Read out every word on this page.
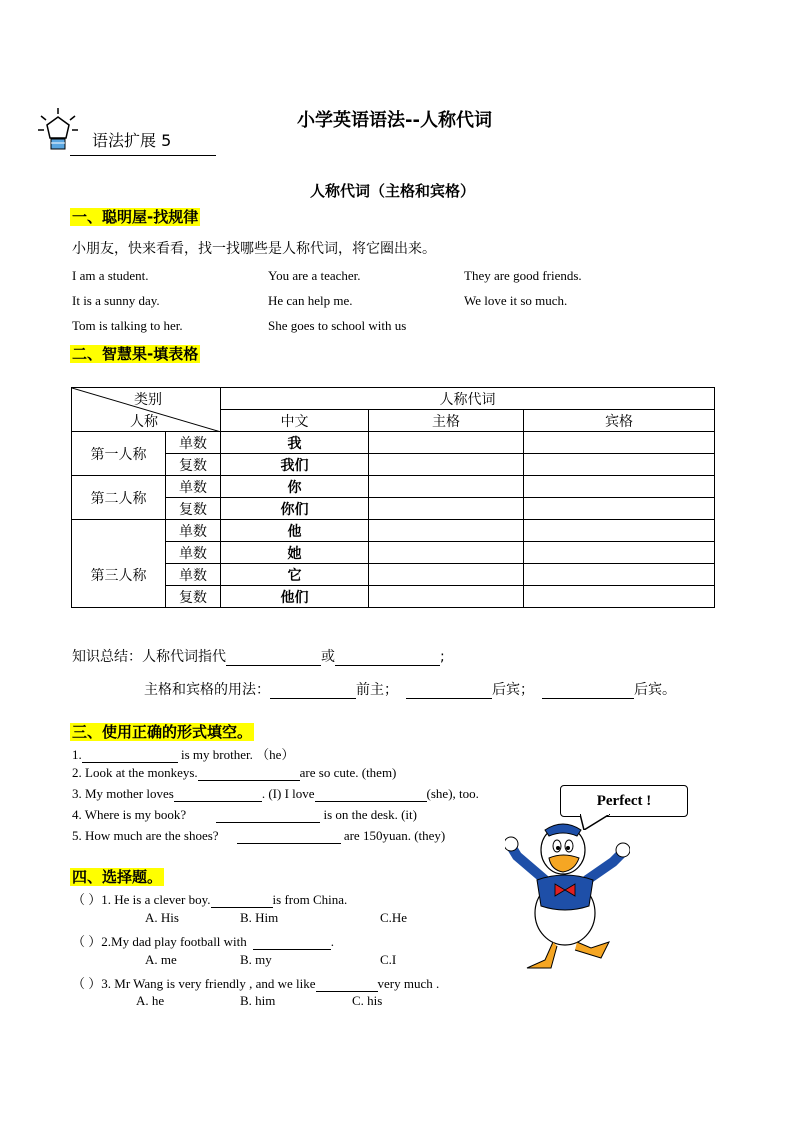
小学英语语法--人称代词
语法扩展 5
人称代词（主格和宾格）
一、聪明屋-找规律
小朋友，快来看看，找一找哪些是人称代词，将它圈出来。
I am a student.	You are a teacher.	They are good friends.
It is a sunny day.	He can help me.	We love it so much.
Tom is talking to her.	She goes to school with us
二、智慧果-填表格
类别
人称		人称代词		
		中文	主格	宾格
第一人称	单数	我		
	复数	我们		
第二人称	单数	你		
	复数	你们		
第三人称	单数	他		
	单数	她		
	单数	它		
	复数	他们		
知识总结：人称代词指代	或	;
主格和宾格的用法：	前主；	后宾；	后宾。
三、使用正确的形式填空。
1.	is my brother. （he）
2. Look at the monkeys.	are so cute. (them)
3. My mother loves	. (I) I love	(she), too.
4. Where is my book?	is on the desk. (it)
5. How much are the shoes?	are 150yuan. (they)
Perfect !
四、选择题。
（ ）1. He is a clever boy.	is from China.
A. His	B. Him	C.He
（ ）2.My dad play football with	.
A. me	B. my	C.I
（ ）3. Mr Wang is very friendly , and we like	very much .
A. he	B. him	C. his
